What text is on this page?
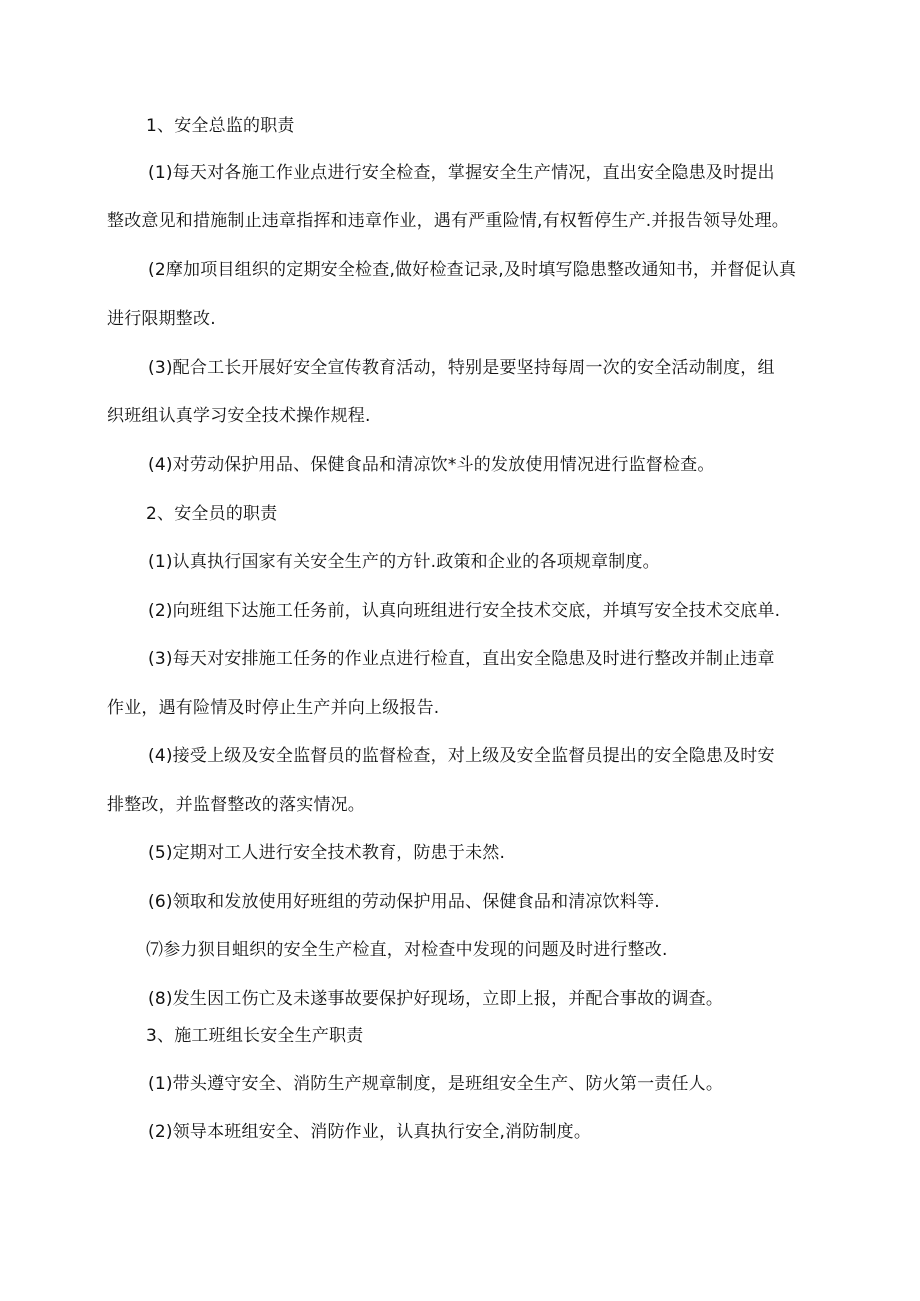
1、安全总监的职责
(1)每天对各施工作业点进行安全检查，掌握安全生产情况，直出安全隐患及时提出
整改意见和措施制止违章指挥和违章作业，遇有严重险情,有权暂停生产.并报告领导处理。
(2摩加项目组织的定期安全检查,做好检查记录,及时填写隐患整改通知书，并督促认真
进行限期整改.
(3)配合工长开展好安全宣传教育活动，特别是要坚持每周一次的安全活动制度，组
织班组认真学习安全技术操作规程.
(4)对劳动保护用品、保健食品和清凉饮*斗的发放使用情况进行监督检查。
2、安全员的职责
(1)认真执行国家有关安全生产的方针.政策和企业的各项规章制度。
(2)向班组下达施工任务前，认真向班组进行安全技术交底，并填写安全技术交底单.
(3)每天对安排施工任务的作业点进行检直，直出安全隐患及时进行整改并制止违章
作业，遇有险情及时停止生产并向上级报告.
(4)接受上级及安全监督员的监督检查，对上级及安全监督员提出的安全隐患及时安
排整改，并监督整改的落实情况。
(5)定期对工人进行安全技术教育，防患于未然.
(6)领取和发放使用好班组的劳动保护用品、保健食品和清凉饮料等.
⑺参力狈目蛆织的安全生产检直，对检查中发现的问题及时进行整改.
(8)发生因工伤亡及未遂事故要保护好现场，立即上报，并配合事故的调查。
3、施工班组长安全生产职责
(1)带头遵守安全、消防生产规章制度，是班组安全生产、防火第一责任人。
(2)领导本班组安全、消防作业，认真执行安全,消防制度。
